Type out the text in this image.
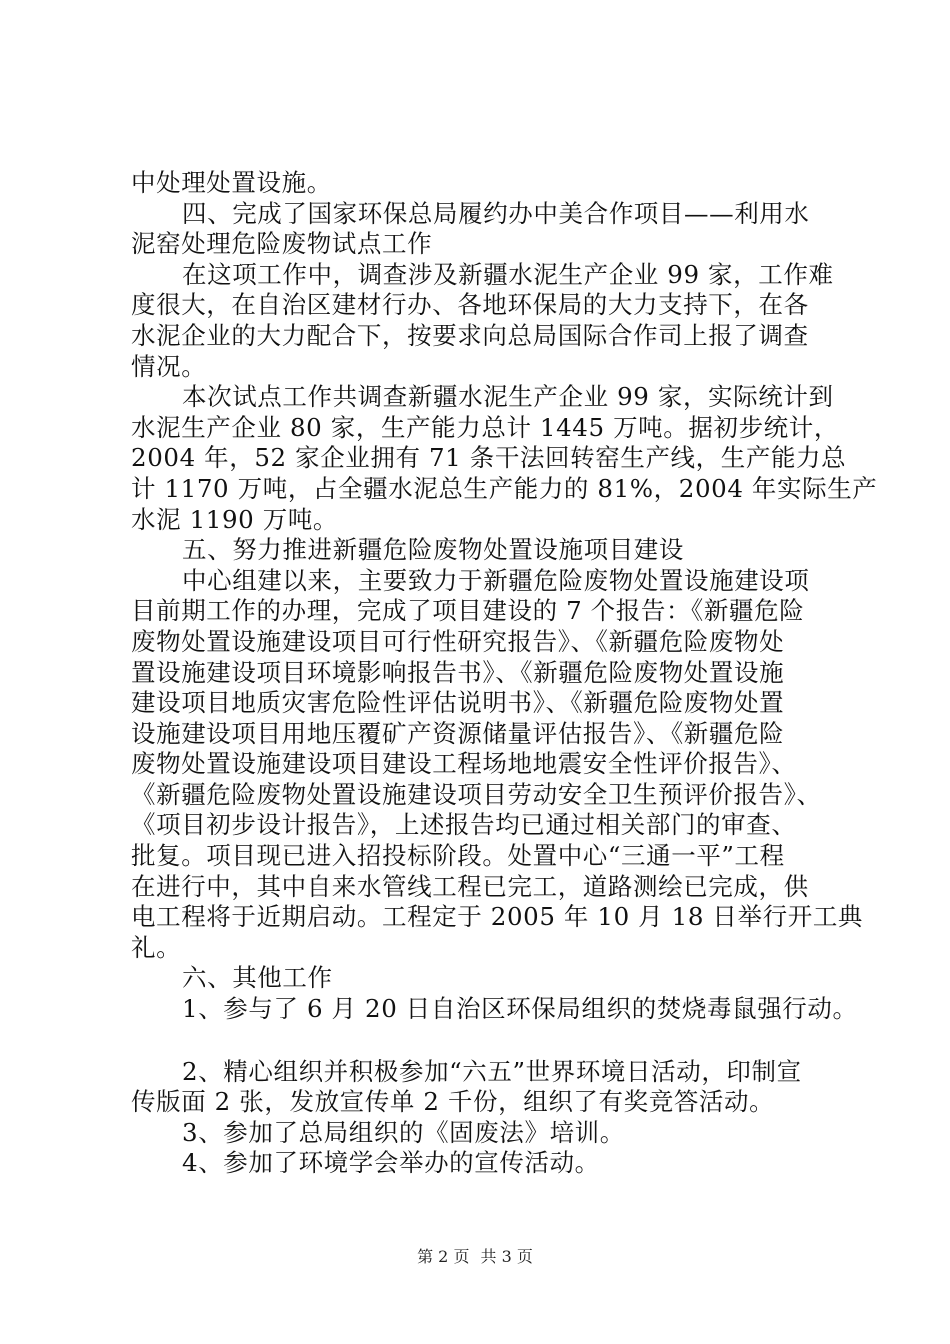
中处理处置设施。
四、完成了国家环保总局履约办中美合作项目——利用水
泥窑处理危险废物试点工作
在这项工作中，调查涉及新疆水泥生产企业 99 家，工作难
度很大，在自治区建材行办、各地环保局的大力支持下，在各
水泥企业的大力配合下，按要求向总局国际合作司上报了调查
情况。
本次试点工作共调查新疆水泥生产企业 99 家，实际统计到
水泥生产企业 80 家，生产能力总计 1445 万吨。据初步统计，
2004 年，52 家企业拥有 71 条干法回转窑生产线，生产能力总
计 1170 万吨，占全疆水泥总生产能力的 81%，2004 年实际生产
水泥 1190 万吨。
五、努力推进新疆危险废物处置设施项目建设
中心组建以来，主要致力于新疆危险废物处置设施建设项
目前期工作的办理，完成了项目建设的 7 个报告：《新疆危险
废物处置设施建设项目可行性研究报告》、《新疆危险废物处
置设施建设项目环境影响报告书》、《新疆危险废物处置设施
建设项目地质灾害危险性评估说明书》、《新疆危险废物处置
设施建设项目用地压覆矿产资源储量评估报告》、《新疆危险
废物处置设施建设项目建设工程场地地震安全性评价报告》、
《新疆危险废物处置设施建设项目劳动安全卫生预评价报告》、
《项目初步设计报告》，上述报告均已通过相关部门的审查、
批复。项目现已进入招投标阶段。处置中心“三通一平”工程
在进行中，其中自来水管线工程已完工，道路测绘已完成，供
电工程将于近期启动。工程定于 2005 年 10 月 18 日举行开工典
礼。
六、其他工作
1、参与了 6 月 20 日自治区环保局组织的焚烧毒鼠强行动。
2、精心组织并积极参加“六五”世界环境日活动，印制宣
传版面 2 张，发放宣传单 2 千份，组织了有奖竞答活动。
3、参加了总局组织的《固废法》培训。
4、参加了环境学会举办的宣传活动。
第 2 页 共 3 页
